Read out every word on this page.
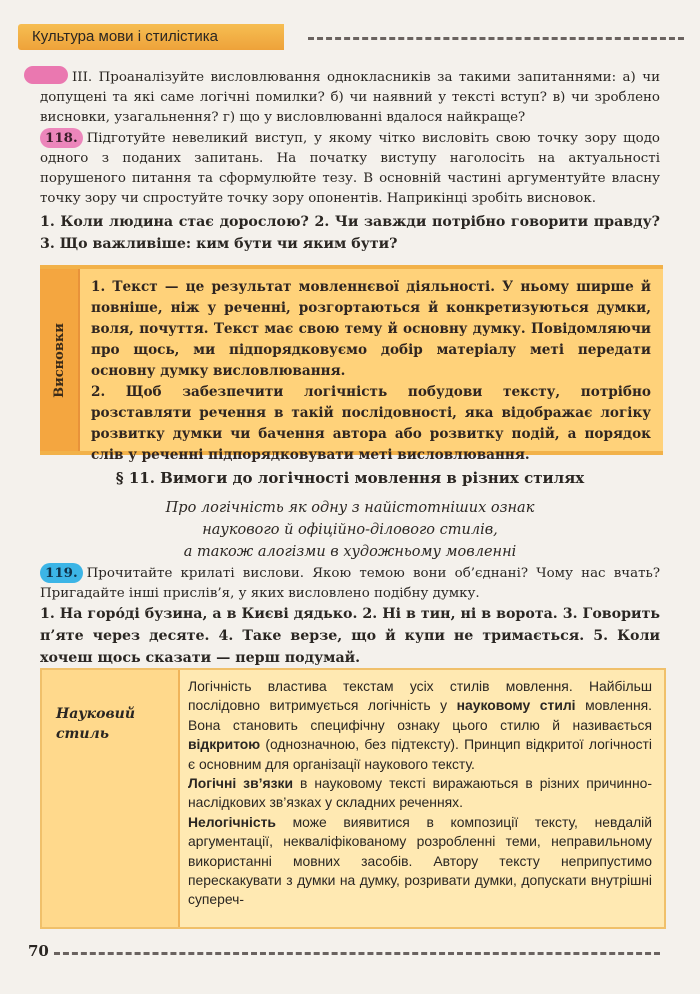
Культура мови і стилістика

III. Проаналізуйте висловлювання однокласників за такими запитаннями: а) чи допущені та які саме логічні помилки? б) чи наявний у тексті вступ? в) чи зроблено висновки, узагальнення? г) що у висловлюванні вдалося найкраще?

118. Підготуйте невеликий виступ, у якому чітко висловіть свою точку зору щодо одного з поданих запитань. На початку виступу наголосіть на актуальності порушеного питання та сформулюйте тезу. В основній частині аргументуйте власну точку зору чи спростуйте точку зору опонентів. Наприкінці зробіть висновок.

1. Коли людина стає дорослою? 2. Чи завжди потрібно говорити правду? 3. Що важливіше: ким бути чи яким бути?

Висновки
1. Текст — це результат мовленнєвої діяльності. У ньому ширше й повніше, ніж у реченні, розгортаються й конкретизуються думки, воля, почуття. Текст має свою тему й основну думку. Повідомляючи про щось, ми підпорядковуємо добір матеріалу меті передати основну думку висловлювання.
2. Щоб забезпечити логічність побудови тексту, потрібно розставляти речення в такій послідовності, яка відображає логіку розвитку думки чи бачення автора або розвитку подій, а порядок слів у реченні підпорядковувати меті висловлювання.
§ 11. Вимоги до логічності мовлення в різних стилях

Про логічність як одну з найістотніших ознак
наукового й офіційно-ділового стилів,
а також алогізми в художньому мовленні

119. Прочитайте крилаті вислови. Якою темою вони об’єднані? Чому нас вчать? Пригадайте інші прислів’я, у яких висловлено подібну думку.

1. На горо́ді бузина, а в Києві дядько. 2. Ні в тин, ні в ворота. 3. Говорить п’яте через десяте. 4. Таке верзе, що й купи не тримається. 5. Коли хочеш щось сказати — перш подумай.

Науковий стиль

Логічність властива текстам усіх стилів мовлення. Найбільш послідовно витримується логічність у науковому стилі мовлення. Вона становить специфічну ознаку цього стилю й називається відкритою (однозначною, без підтексту). Принцип відкритої логічності є основним для організації наукового тексту.
Логічні зв’язки в науковому тексті виражаються в різних причинно-наслідкових зв’язках у складних реченнях.
Нелогічність може виявитися в композиції тексту, невдалій аргументації, некваліфікованому розробленні теми, неправильному використанні мовних засобів. Автору тексту неприпустимо перескакувати з думки на думку, розривати думки, допускати внутрішні супереч-

70
